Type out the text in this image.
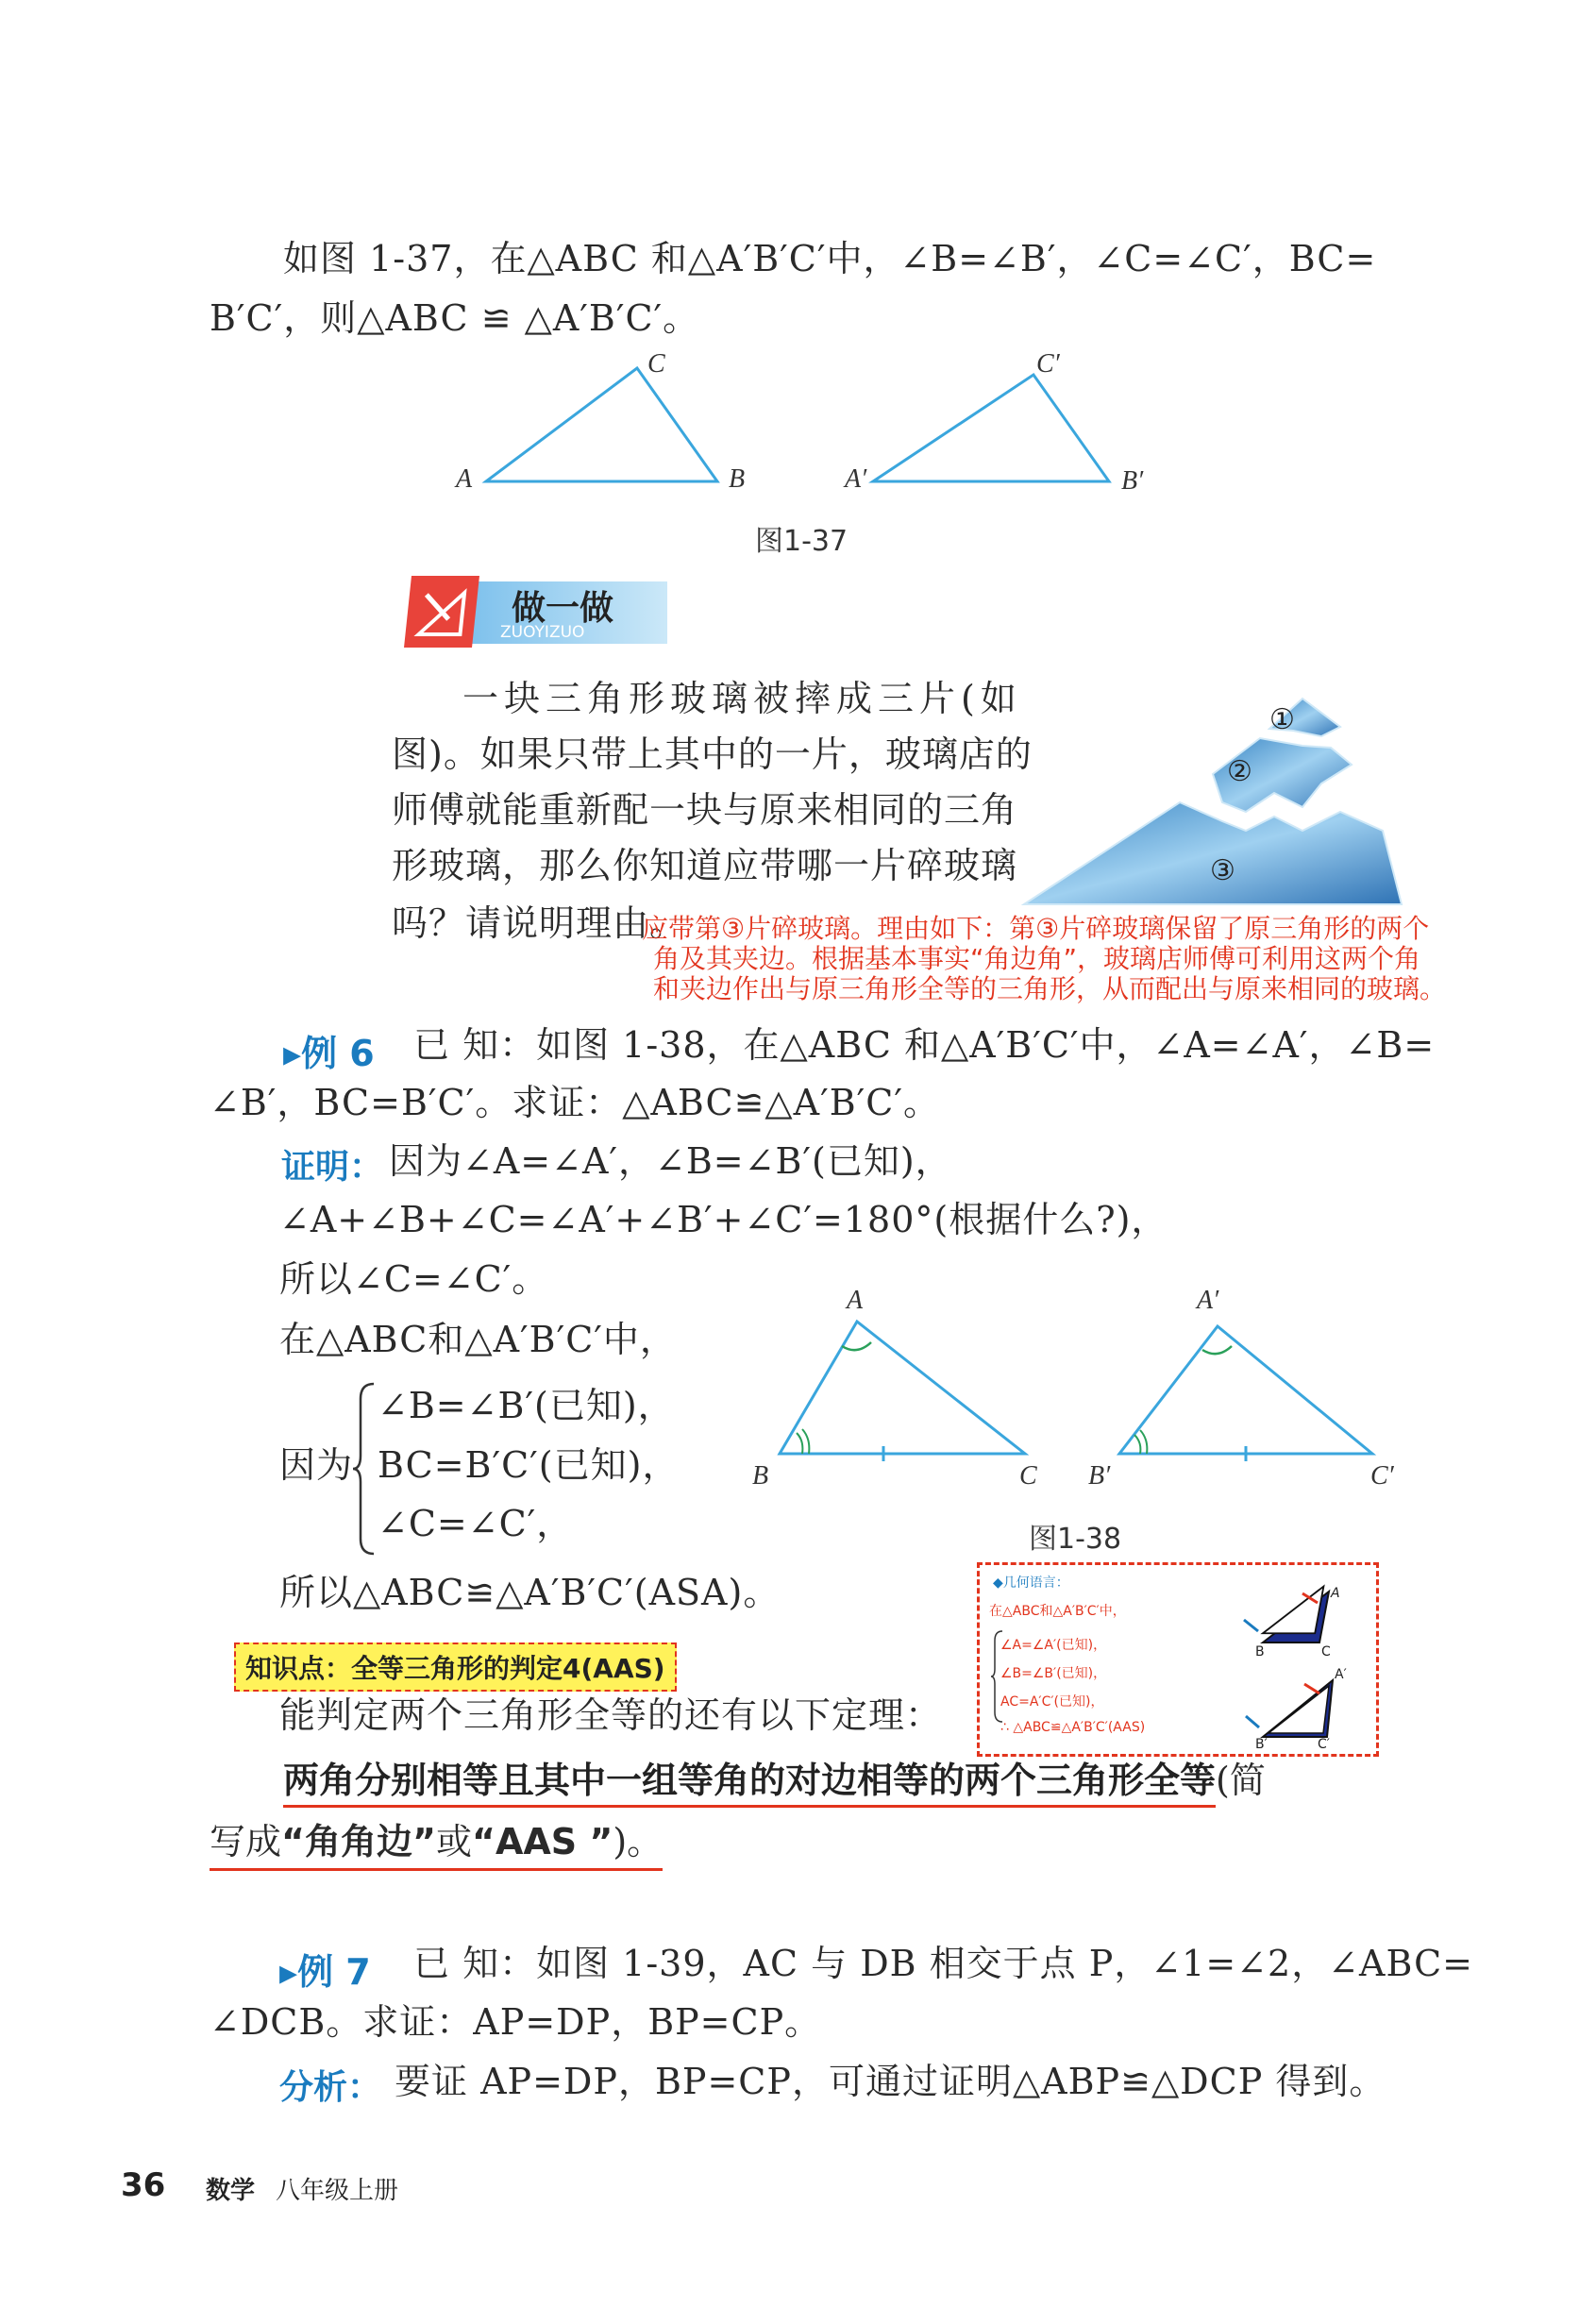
如图 1-37，在△ABC 和△A′B′C′中，∠B=∠B′，∠C=∠C′，BC=
B′C′，则△ABC ≌ △A′B′C′。
A	B
C
A′	B′
C′
图1-37
做一做
ZUOYIZUO
一块三角形玻璃被摔成三片(如
图)。如果只带上其中的一片，玻璃店的
师傅就能重新配一块与原来相同的三角
形玻璃，那么你知道应带哪一片碎玻璃
吗？请说明理由。
①
②
③
应带第③片碎玻璃。理由如下：第③片碎玻璃保留了原三角形的两个
角及其夹边。根据基本事实“角边角”，玻璃店师傅可利用这两个角
和夹边作出与原三角形全等的三角形，从而配出与原来相同的玻璃。
▸例 6 已 知：如图 1-38，在△ABC 和△A′B′C′中，∠A=∠A′，∠B=
∠B′，BC=B′C′。求证：△ABC≌△A′B′C′。
证明： 因为∠A=∠A′，∠B=∠B′(已知)，
∠A+∠B+∠C=∠A′+∠B′+∠C′=180°(根据什么?)，
所以∠C=∠C′。
在△ABC和△A′B′C′中，
因为
∠B=∠B′(已知)，
BC=B′C′(已知)，
∠C=∠C′，
所以△ABC≌△A′B′C′(ASA)。
A
B	C
A′
B′	C′
图1-38
◆几何语言：
在△ABC和△A′B′C′中，
∠A=∠A′(已知)，
∠B=∠B′(已知)，
AC=A′C′(已知)，
∴ △ABC≌△A′B′C′(AAS)
A
B	C
A′
B′	C′
知识点：全等三角形的判定4(AAS)
能判定两个三角形全等的还有以下定理：
两角分别相等且其中一组等角的对边相等的两个三角形全等(简
写成“角角边”或“AAS ”)。
▸例 7 已 知：如图 1-39，AC 与 DB 相交于点 P，∠1=∠2，∠ABC=
∠DCB。求证：AP=DP，BP=CP。
分析： 要证 AP=DP，BP=CP，可通过证明△ABP≌△DCP 得到。
36 数学 八年级上册
